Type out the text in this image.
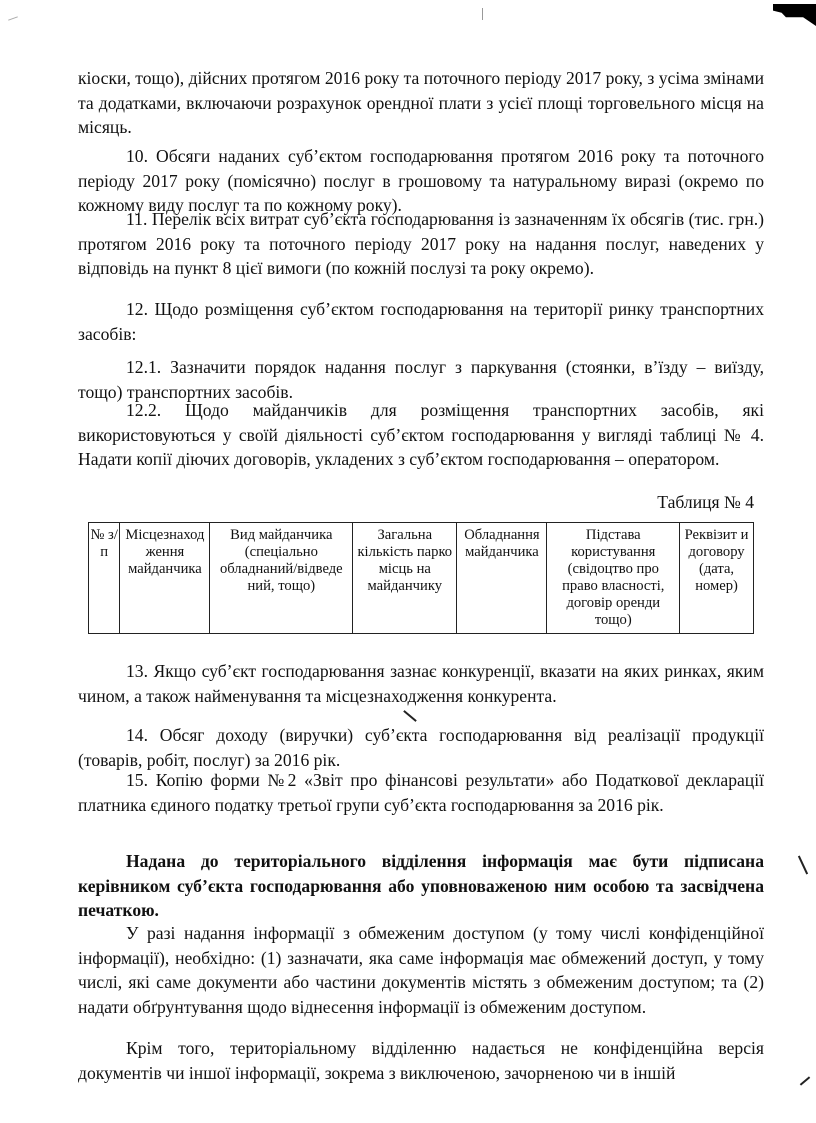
кіоски, тощо), дійсних протягом 2016 року та поточного періоду 2017 року, з усіма змінами та додатками, включаючи розрахунок орендної плати з усієї площі торговельного місця на місяць.
10. Обсяги наданих суб’єктом господарювання протягом 2016 року та поточного періоду 2017 року (помісячно) послуг в грошовому та натуральному виразі (окремо по кожному виду послуг та по кожному року).
11. Перелік всіх витрат суб’єкта господарювання із зазначенням їх обсягів (тис. грн.) протягом 2016 року та поточного періоду 2017 року на надання послуг, наведених у відповідь на пункт 8 цієї вимоги (по кожній послузі та року окремо).
12. Щодо розміщення суб’єктом господарювання на території ринку транспортних засобів:
12.1. Зазначити порядок надання послуг з паркування (стоянки, в’їзду – виїзду, тощо) транспортних засобів.
12.2. Щодо майданчиків для розміщення транспортних засобів, які використовуються у своїй діяльності суб’єктом господарювання у вигляді таблиці № 4. Надати копії діючих договорів, укладених з суб’єктом господарювання – оператором.
Таблиця № 4
№ з/п	Місцезнаход ження майданчика	Вид майданчика (спеціально обладнаний/відведе ний, тощо)	Загальна кількість парко місць на майданчику	Обладнання майданчика	Підстава користування (свідоцтво про право власності, договір оренди тощо)	Реквізит и договору (дата, номер)
13. Якщо суб’єкт господарювання зазнає конкуренції, вказати на яких ринках, яким чином, а також найменування та місцезнаходження конкурента.
14. Обсяг доходу (виручки) суб’єкта господарювання від реалізації продукції (товарів, робіт, послуг) за 2016 рік.
15. Копію форми №2 «Звіт про фінансові результати» або Податкової декларації платника єдиного податку третьої групи суб’єкта господарювання за 2016 рік.
Надана до територіального відділення інформація має бути підписана керівником суб’єкта господарювання або уповноваженою ним особою та засвідчена печаткою.
У разі надання інформації з обмеженим доступом (у тому числі конфіденційної інформації), необхідно: (1) зазначати, яка саме інформація має обмежений доступ, у тому числі, які саме документи або частини документів містять з обмеженим доступом; та (2) надати обґрунтування щодо віднесення інформації із обмеженим доступом.
Крім того, територіальному відділенню надається не конфіденційна версія документів чи іншої інформації, зокрема з виключеною, зачорненою чи в іншій
